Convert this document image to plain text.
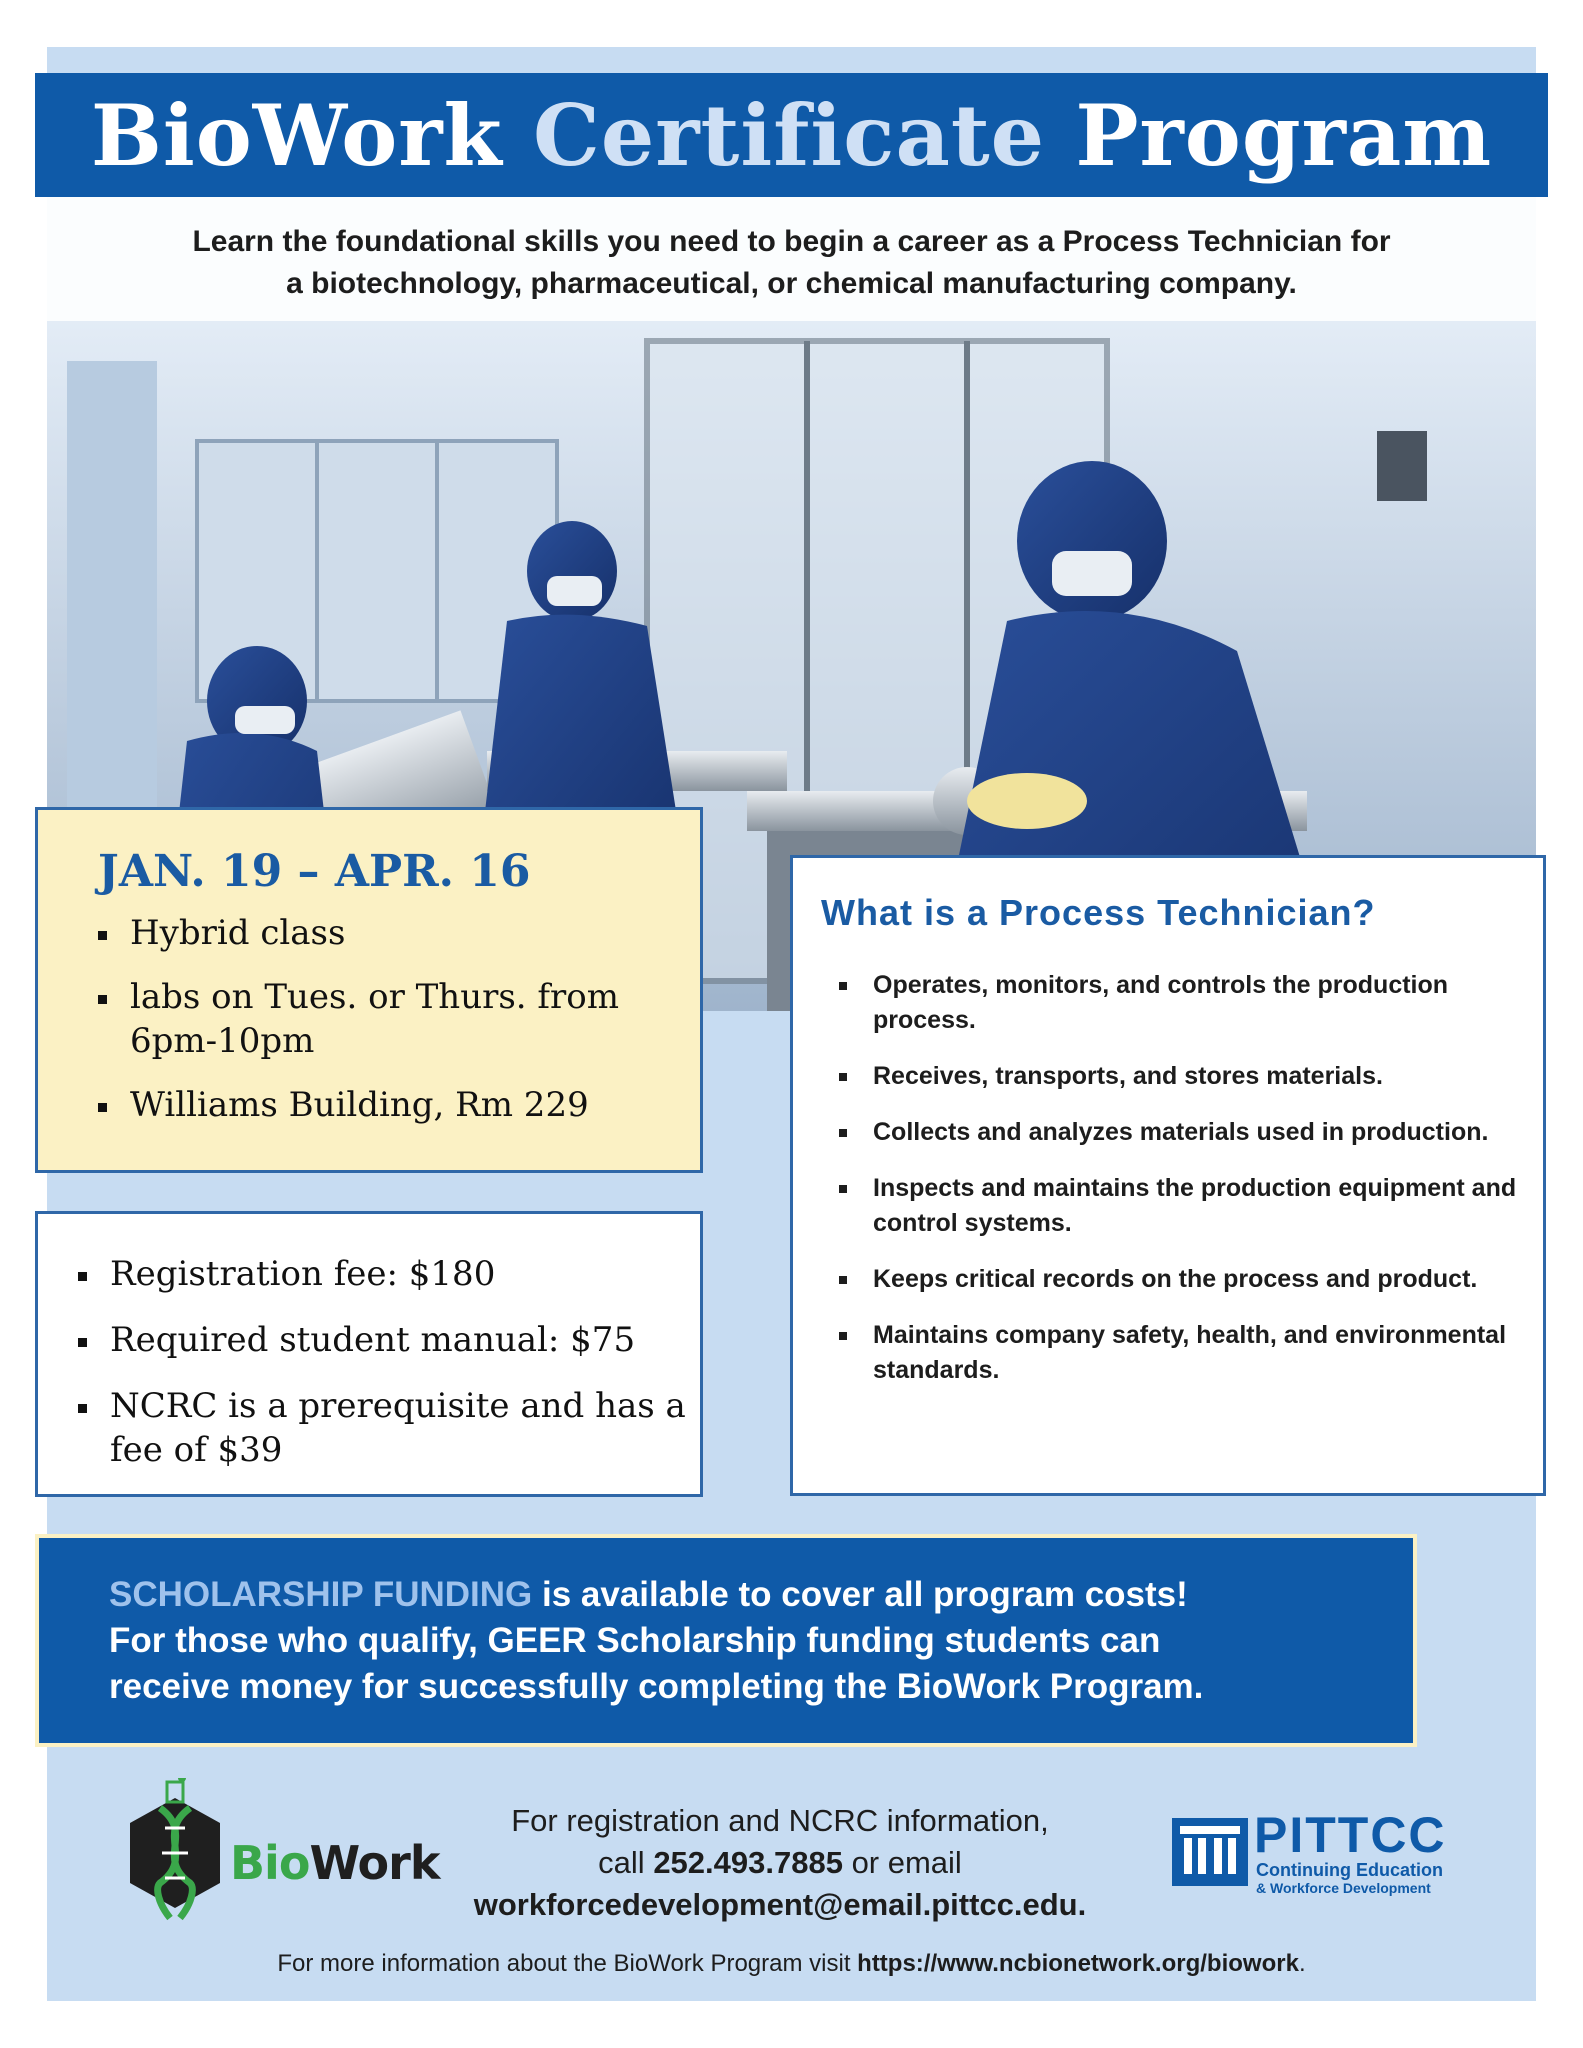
BioWork Certificate Program
Learn the foundational skills you need to begin a career as a Process Technician for
a biotechnology, pharmaceutical, or chemical manufacturing company.
JAN. 19 – APR. 16
Hybrid class
labs on Tues. or Thurs. from 6pm-10pm
Williams Building, Rm 229
Registration fee: $180
Required student manual: $75
NCRC is a prerequisite and has a fee of $39
What is a Process Technician?
Operates, monitors, and controls the production process.
Receives, transports, and stores materials.
Collects and analyzes materials used in production.
Inspects and maintains the production equipment and control systems.
Keeps critical records on the process and product.
Maintains company safety, health, and environmental standards.

SCHOLARSHIP FUNDING is available to cover all program costs!

For those who qualify, GEER Scholarship funding students can

receive money for successfully completing the BioWork Program.

BioWork
For registration and NCRC information,
call 252.493.7885 or email
workforcedevelopment@email.pittcc.edu.
PITTCC
Continuing Education
& Workforce Development
For more information about the BioWork Program visit https://www.ncbionetwork.org/biowork.
